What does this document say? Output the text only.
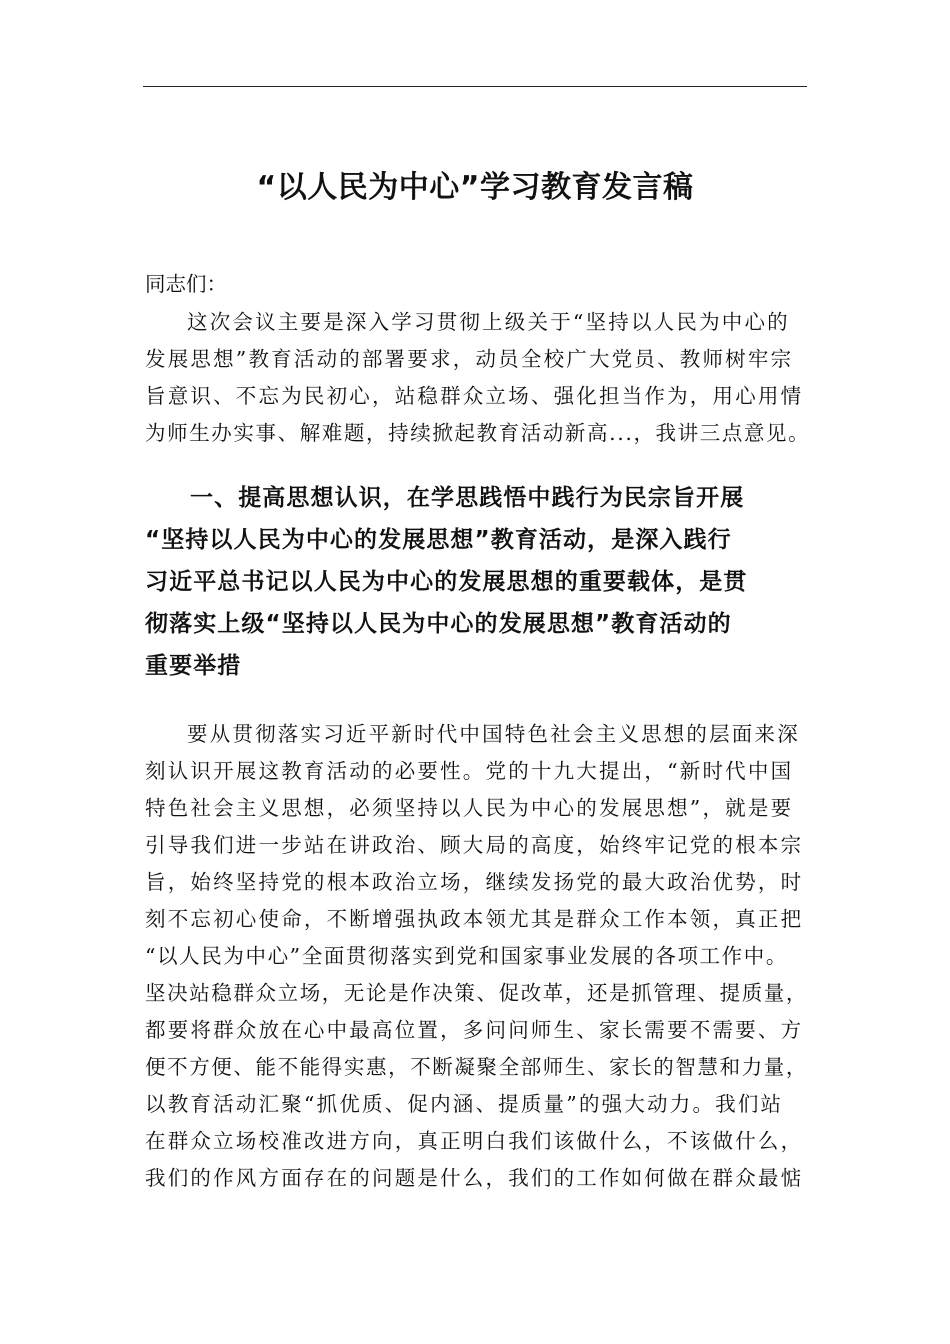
“以人民为中心”学习教育发言稿
同志们：
这次会议主要是深入学习贯彻上级关于“坚持以人民为中心的
发展思想”教育活动的部署要求，动员全校广大党员、教师树牢宗
旨意识、不忘为民初心，站稳群众立场、强化担当作为，用心用情
为师生办实事、解难题，持续掀起教育活动新高...，我讲三点意见。
一、提高思想认识，在学思践悟中践行为民宗旨开展
“坚持以人民为中心的发展思想”教育活动，是深入践行
习近平总书记以人民为中心的发展思想的重要载体，是贯
彻落实上级“坚持以人民为中心的发展思想”教育活动的
重要举措
要从贯彻落实习近平新时代中国特色社会主义思想的层面来深
刻认识开展这教育活动的必要性。党的十九大提出，“新时代中国
特色社会主义思想，必须坚持以人民为中心的发展思想”，就是要
引导我们进一步站在讲政治、顾大局的高度，始终牢记党的根本宗
旨，始终坚持党的根本政治立场，继续发扬党的最大政治优势，时
刻不忘初心使命，不断增强执政本领尤其是群众工作本领，真正把
“以人民为中心”全面贯彻落实到党和国家事业发展的各项工作中。
坚决站稳群众立场，无论是作决策、促改革，还是抓管理、提质量，
都要将群众放在心中最高位置，多问问师生、家长需要不需要、方
便不方便、能不能得实惠，不断凝聚全部师生、家长的智慧和力量，
以教育活动汇聚“抓优质、促内涵、提质量”的强大动力。我们站
在群众立场校准改进方向，真正明白我们该做什么，不该做什么，
我们的作风方面存在的问题是什么，我们的工作如何做在群众最惦
